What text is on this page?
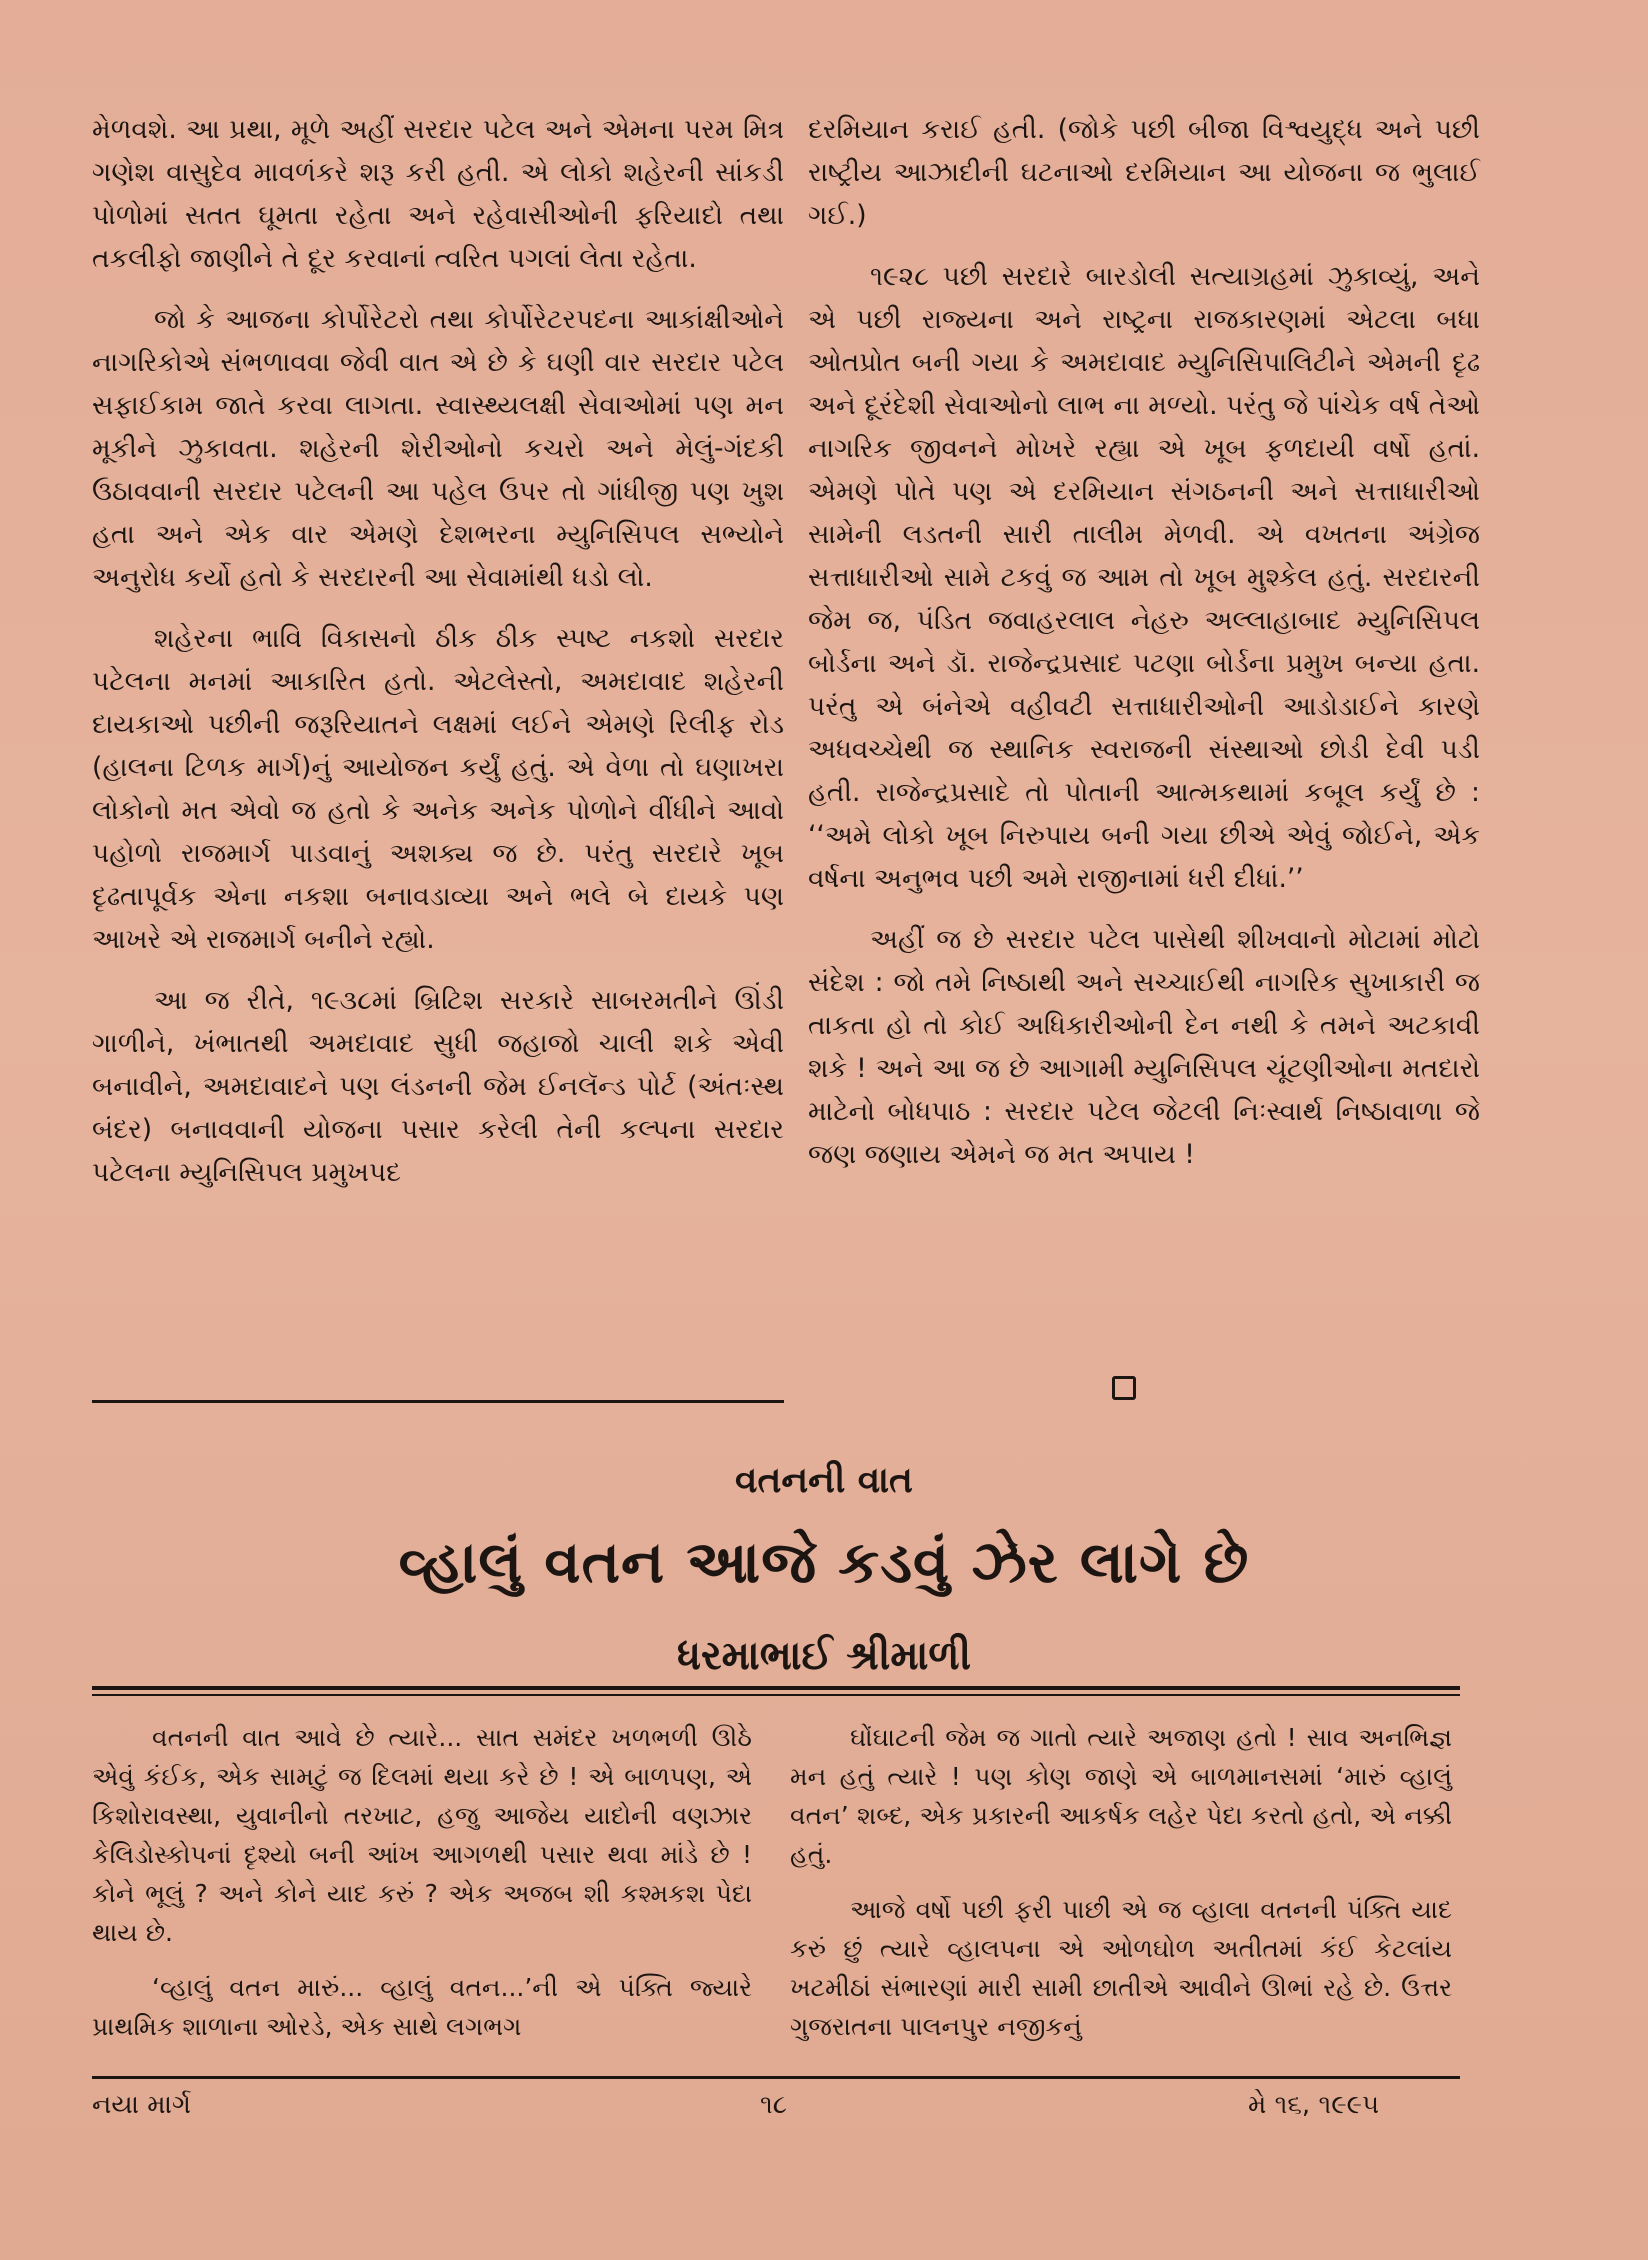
મેળવશે. આ પ્રથા, મૂળે અહીં સરદાર પટેલ અને એમના પરમ મિત્ર ગણેશ વાસુદેવ માવળંકરે શરૂ કરી હતી. એ લોકો શહેરની સાંકડી પોળોમાં સતત ઘૂમતા રહેતા અને રહેવાસીઓની ફરિયાદો તથા તકલીફો જાણીને તે દૂર કરવાનાં ત્વરિત પગલાં લેતા રહેતા.

જો કે આજના કોર્પોરેટરો તથા કોર્પોરેટરપદના આકાંક્ષીઓને નાગરિકોએ સંભળાવવા જેવી વાત એ છે કે ઘણી વાર સરદાર પટેલ સફાઈકામ જાતે કરવા લાગતા. સ્વાસ્થ્યલક્ષી સેવાઓમાં પણ મન મૂકીને ઝુકાવતા. શહેરની શેરીઓનો કચરો અને મેલું-ગંદકી ઉઠાવવાની સરદાર પટેલની આ પહેલ ઉપર તો ગાંધીજી પણ ખુશ હતા અને એક વાર એમણે દેશભરના મ્યુનિસિપલ સભ્યોને અનુરોધ કર્યો હતો કે સરદારની આ સેવામાંથી ધડો લો.

શહેરના ભાવિ વિકાસનો ઠીક ઠીક સ્પષ્ટ નકશો સરદાર પટેલના મનમાં આકારિત હતો. એટલેસ્તો, અમદાવાદ શહેરની દાયકાઓ પછીની જરૂરિયાતને લક્ષમાં લઈને એમણે રિલીફ રોડ (હાલના ટિળક માર્ગ)નું આયોજન કર્યું હતું. એ વેળા તો ઘણાખરા લોકોનો મત એવો જ હતો કે અનેક અનેક પોળોને વીંધીને આવો પહોળો રાજમાર્ગ પાડવાનું અશક્ય જ છે. પરંતુ સરદારે ખૂબ દૃઢતાપૂર્વક એના નકશા બનાવડાવ્યા અને ભલે બે દાયકે પણ આખરે એ રાજમાર્ગ બનીને રહ્યો.

આ જ રીતે, ૧૯૩૮માં બ્રિટિશ સરકારે સાબરમતીને ઊંડી ગાળીને, ખંભાતથી અમદાવાદ સુધી જહાજો ચાલી શકે એવી બનાવીને, અમદાવાદને પણ લંડનની જેમ ઈનલૅન્ડ પોર્ટ (અંતઃસ્થ બંદર) બનાવવાની યોજના પસાર કરેલી તેની કલ્પના સરદાર પટેલના મ્યુનિસિપલ પ્રમુખપદ

દરમિયાન કરાઈ હતી. (જોકે પછી બીજા વિશ્વયુદ્ધ અને પછી રાષ્ટ્રીય આઝાદીની ઘટનાઓ દરમિયાન આ યોજના જ ભુલાઈ ગઈ.)

૧૯૨૮ પછી સરદારે બારડોલી સત્યાગ્રહમાં ઝુકાવ્યું, અને એ પછી રાજ્યના અને રાષ્ટ્રના રાજકારણમાં એટલા બધા ઓતપ્રોત બની ગયા કે અમદાવાદ મ્યુનિસિપાલિટીને એમની દૃઢ અને દૂરંદેશી સેવાઓનો લાભ ના મળ્યો. પરંતુ જે પાંચેક વર્ષ તેઓ નાગરિક જીવનને મોખરે રહ્યા એ ખૂબ ફળદાયી વર્ષો હતાં. એમણે પોતે પણ એ દરમિયાન સંગઠનની અને સત્તાધારીઓ સામેની લડતની સારી તાલીમ મેળવી. એ વખતના અંગ્રેજ સત્તાધારીઓ સામે ટકવું જ આમ તો ખૂબ મુશ્કેલ હતું. સરદારની જેમ જ, પંડિત જવાહરલાલ નેહરુ અલ્લાહાબાદ મ્યુનિસિપલ બોર્ડના અને ડૉ. રાજેન્દ્રપ્રસાદ પટણા બોર્ડના પ્રમુખ બન્યા હતા. પરંતુ એ બંનેએ વહીવટી સત્તાધારીઓની આડોડાઈને કારણે અધવચ્ચેથી જ સ્થાનિક સ્વરાજની સંસ્થાઓ છોડી દેવી પડી હતી. રાજેન્દ્રપ્રસાદે તો પોતાની આત્મકથામાં કબૂલ કર્યું છે : ‘‘અમે લોકો ખૂબ નિરુપાય બની ગયા છીએ એવું જોઈને, એક વર્ષના અનુભવ પછી અમે રાજીનામાં ધરી દીધાં.’’

અહીં જ છે સરદાર પટેલ પાસેથી શીખવાનો મોટામાં મોટો સંદેશ : જો તમે નિષ્ઠાથી અને સચ્ચાઈથી નાગરિક સુખાકારી જ તાકતા હો તો કોઈ અધિકારીઓની દેન નથી કે તમને અટકાવી શકે ! અને આ જ છે આગામી મ્યુનિસિપલ ચૂંટણીઓના મતદારો માટેનો બોધપાઠ : સરદાર પટેલ જેટલી નિઃસ્વાર્થ નિષ્ઠાવાળા જે જણ જણાય એમને જ મત અપાય !

વતનની વાત
વ્હાલું વતન આજે કડવું ઝેર લાગે છે
ધરમાભાઈ શ્રીમાળી

વતનની વાત આવે છે ત્યારે... સાત સમંદર ખળભળી ઊઠે એવું કંઈક, એક સામટું જ દિલમાં થયા કરે છે ! એ બાળપણ, એ કિશોરાવસ્થા, યુવાનીનો તરખાટ, હજુ આજેય યાદોની વણઝાર કેલિડોસ્કોપનાં દૃશ્યો બની આંખ આગળથી પસાર થવા માંડે છે ! કોને ભૂલું ? અને કોને યાદ કરું ? એક અજબ શી કશ્મકશ પેદા થાય છે.

‘વ્હાલું વતન મારું... વ્હાલું વતન...’ની એ પંક્તિ જ્યારે પ્રાથમિક શાળાના ઓરડે, એક સાથે લગભગ

ઘોંઘાટની જેમ જ ગાતો ત્યારે અજાણ હતો ! સાવ અનભિજ્ઞ મન હતું ત્યારે ! પણ કોણ જાણે એ બાળમાનસમાં ‘મારું વ્હાલું વતન’ શબ્દ, એક પ્રકારની આકર્ષક લહેર પેદા કરતો હતો, એ નક્કી હતું.

આજે વર્ષો પછી ફરી પાછી એ જ વ્હાલા વતનની પંક્તિ યાદ કરું છું ત્યારે વ્હાલપના એ ઓળઘોળ અતીતમાં કંઈ કેટલાંય ખટમીઠાં સંભારણાં મારી સામી છાતીએ આવીને ઊભાં રહે છે. ઉત્તર ગુજરાતના પાલનપુર નજીકનું

નયા માર્ગ	૧૮	મે ૧૬, ૧૯૯૫
